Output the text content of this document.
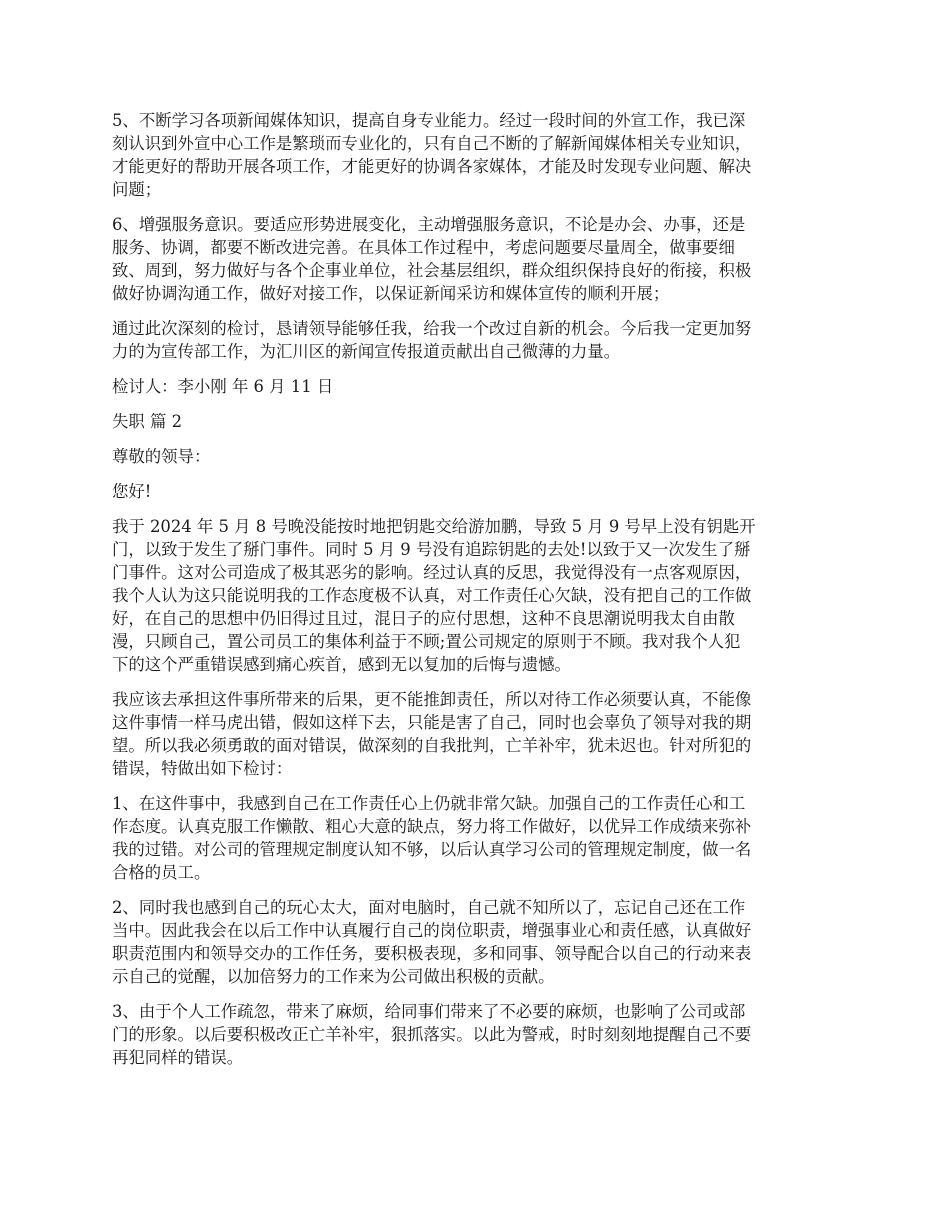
5、不断学习各项新闻媒体知识，提高自身专业能力。经过一段时间的外宣工作，我已深
刻认识到外宣中心工作是繁琐而专业化的，只有自己不断的了解新闻媒体相关专业知识，
才能更好的帮助开展各项工作，才能更好的协调各家媒体，才能及时发现专业问题、解决
问题；

6、增强服务意识。要适应形势进展变化，主动增强服务意识，不论是办会、办事，还是
服务、协调，都要不断改进完善。在具体工作过程中，考虑问题要尽量周全，做事要细
致、周到，努力做好与各个企事业单位，社会基层组织，群众组织保持良好的衔接，积极
做好协调沟通工作，做好对接工作，以保证新闻采访和媒体宣传的顺利开展；

通过此次深刻的检讨，恳请领导能够任我，给我一个改过自新的机会。今后我一定更加努
力的为宣传部工作，为汇川区的新闻宣传报道贡献出自己微薄的力量。

检讨人：李小刚 年 6 月 11 日

失职 篇 2

尊敬的领导：

您好!

我于 2024 年 5 月 8 号晚没能按时地把钥匙交给游加鹏，导致 5 月 9 号早上没有钥匙开
门，以致于发生了掰门事件。同时 5 月 9 号没有追踪钥匙的去处!以致于又一次发生了掰
门事件。这对公司造成了极其恶劣的影响。经过认真的反思，我觉得没有一点客观原因，
我个人认为这只能说明我的工作态度极不认真，对工作责任心欠缺，没有把自己的工作做
好，在自己的思想中仍旧得过且过，混日子的应付思想，这种不良思潮说明我太自由散
漫，只顾自己，置公司员工的集体利益于不顾;置公司规定的原则于不顾。我对我个人犯
下的这个严重错误感到痛心疾首，感到无以复加的后悔与遗憾。

我应该去承担这件事所带来的后果，更不能推卸责任，所以对待工作必须要认真，不能像
这件事情一样马虎出错，假如这样下去，只能是害了自己，同时也会辜负了领导对我的期
望。所以我必须勇敢的面对错误，做深刻的自我批判，亡羊补牢，犹未迟也。针对所犯的
错误，特做出如下检讨：

1、在这件事中，我感到自己在工作责任心上仍就非常欠缺。加强自己的工作责任心和工
作态度。认真克服工作懒散、粗心大意的缺点，努力将工作做好，以优异工作成绩来弥补
我的过错。对公司的管理规定制度认知不够，以后认真学习公司的管理规定制度，做一名
合格的员工。

2、同时我也感到自己的玩心太大，面对电脑时，自己就不知所以了，忘记自己还在工作
当中。因此我会在以后工作中认真履行自己的岗位职责，增强事业心和责任感，认真做好
职责范围内和领导交办的工作任务，要积极表现，多和同事、领导配合以自己的行动来表
示自己的觉醒，以加倍努力的工作来为公司做出积极的贡献。

3、由于个人工作疏忽，带来了麻烦，给同事们带来了不必要的麻烦，也影响了公司或部
门的形象。以后要积极改正亡羊补牢，狠抓落实。以此为警戒，时时刻刻地提醒自己不要
再犯同样的错误。
